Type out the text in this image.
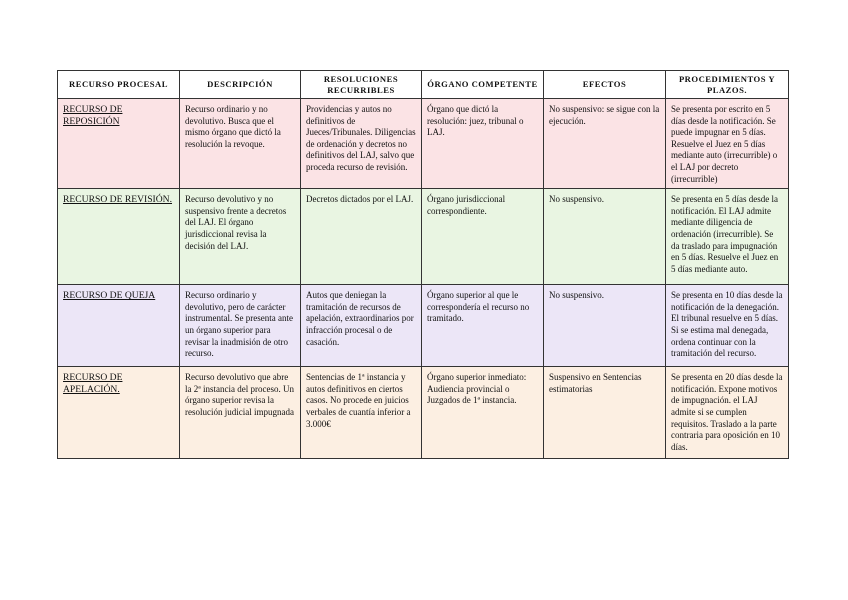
RECURSO PROCESAL	DESCRIPCIÓN	RESOLUCIONES RECURRIBLES	ÓRGANO COMPETENTE	EFECTOS	PROCEDIMIENTOS Y PLAZOS.
RECURSO DE REPOSICIÓN	Recurso ordinario y no devolutivo. Busca que el mismo órgano que dictó la resolución la revoque.	Providencias y autos no definitivos de Jueces/Tribunales. Diligencias de ordenación y decretos no definitivos del LAJ, salvo que proceda recurso de revisión.	Órgano que dictó la resolución: juez, tribunal o LAJ.	No suspensivo: se sigue con la ejecución.	Se presenta por escrito en 5 días desde la notificación. Se puede impugnar en 5 días. Resuelve el Juez en 5 días mediante auto (irrecurrible) o el LAJ por decreto (irrecurrible)
RECURSO DE REVISIÓN.	Recurso devolutivo y no suspensivo frente a decretos del LAJ. El órgano jurisdiccional revisa la decisión del LAJ.	Decretos dictados por el LAJ.	Órgano jurisdiccional correspondiente.	No suspensivo.	Se presenta en 5 días desde la notificación. El LAJ admite mediante diligencia de ordenación (irrecurrible). Se da traslado para impugnación en 5 días. Resuelve el Juez en 5 días mediante auto.
RECURSO DE QUEJA	Recurso ordinario y devolutivo, pero de carácter instrumental. Se presenta ante un órgano superior para revisar la inadmisión de otro recurso.	Autos que deniegan la tramitación de recursos de apelación, extraordinarios por infracción procesal o de casación.	Órgano superior al que le correspondería el recurso no tramitado.	No suspensivo.	Se presenta en 10 días desde la notificación de la denegación. El tribunal resuelve en 5 días. Si se estima mal denegada, ordena continuar con la tramitación del recurso.
RECURSO DE APELACIÓN.	Recurso devolutivo que abre la 2ª instancia del proceso. Un órgano superior revisa la resolución judicial impugnada	Sentencias de 1ª instancia y autos definitivos en ciertos casos. No procede en juicios verbales de cuantía inferior a 3.000€	Órgano superior inmediato: Audiencia provincial o Juzgados de 1ª instancia.	Suspensivo en Sentencias estimatorias	Se presenta en 20 días desde la notificación. Expone motivos de impugnación. el LAJ admite si se cumplen requisitos. Traslado a la parte contraria para oposición en 10 días.
